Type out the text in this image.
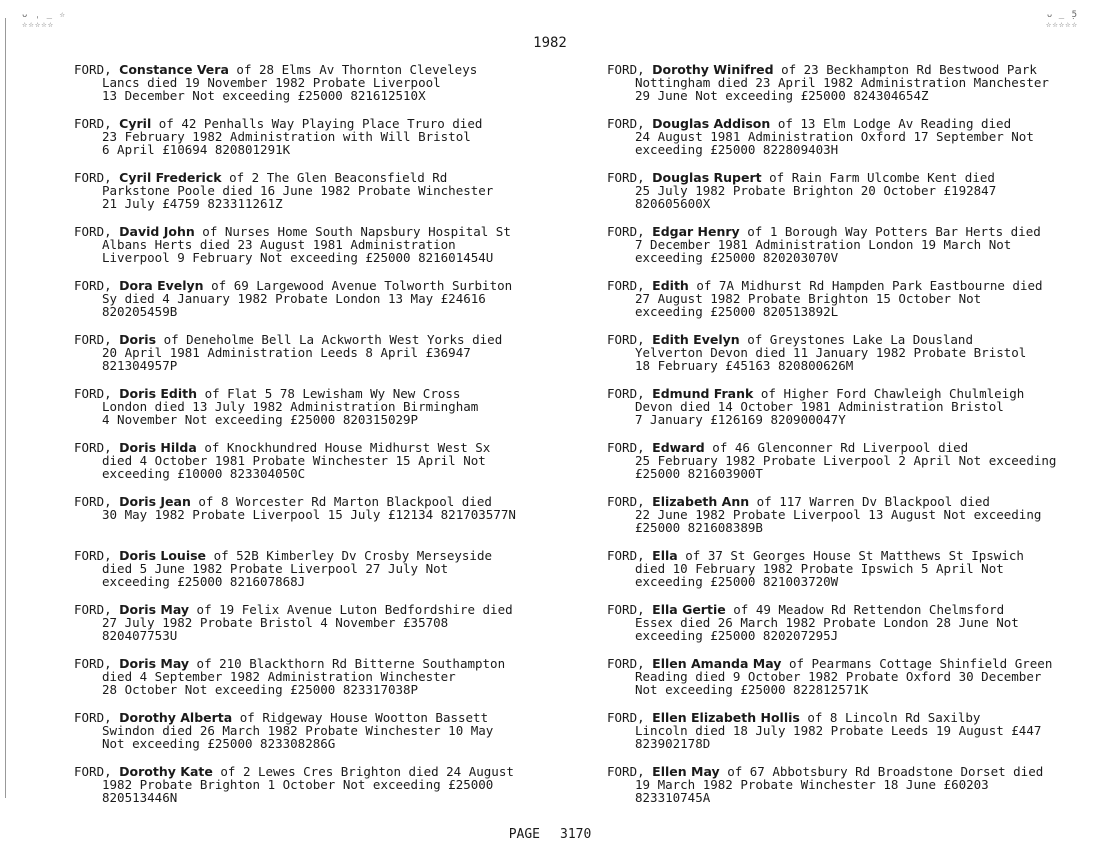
ᴗ ˌ ̲ ☆
☆☆☆☆☆
ᴗ ̲ ̣5
☆☆☆☆☆
1982
FORD, Constance Vera of 28 Elms Av Thornton Cleveleys
Lancs died 19 November 1982 Probate Liverpool
13 December Not exceeding £25000 821612510X
FORD, Cyril of 42 Penhalls Way Playing Place Truro died
23 February 1982 Administration with Will Bristol
6 April £10694 820801291K
FORD, Cyril Frederick of 2 The Glen Beaconsfield Rd
Parkstone Poole died 16 June 1982 Probate Winchester
21 July £4759 823311261Z
FORD, David John of Nurses Home South Napsbury Hospital St
Albans Herts died 23 August 1981 Administration
Liverpool 9 February Not exceeding £25000 821601454U
FORD, Dora Evelyn of 69 Largewood Avenue Tolworth Surbiton
Sy died 4 January 1982 Probate London 13 May £24616
820205459B
FORD, Doris of Deneholme Bell La Ackworth West Yorks died
20 April 1981 Administration Leeds 8 April £36947
821304957P
FORD, Doris Edith of Flat 5 78 Lewisham Wy New Cross
London died 13 July 1982 Administration Birmingham
4 November Not exceeding £25000 820315029P
FORD, Doris Hilda of Knockhundred House Midhurst West Sx
died 4 October 1981 Probate Winchester 15 April Not
exceeding £10000 823304050C
FORD, Doris Jean of 8 Worcester Rd Marton Blackpool died
30 May 1982 Probate Liverpool 15 July £12134 821703577N
FORD, Doris Louise of 52B Kimberley Dv Crosby Merseyside
died 5 June 1982 Probate Liverpool 27 July Not
exceeding £25000 821607868J
FORD, Doris May of 19 Felix Avenue Luton Bedfordshire died
27 July 1982 Probate Bristol 4 November £35708
820407753U
FORD, Doris May of 210 Blackthorn Rd Bitterne Southampton
died 4 September 1982 Administration Winchester
28 October Not exceeding £25000 823317038P
FORD, Dorothy Alberta of Ridgeway House Wootton Bassett
Swindon died 26 March 1982 Probate Winchester 10 May
Not exceeding £25000 823308286G
FORD, Dorothy Kate of 2 Lewes Cres Brighton died 24 August
1982 Probate Brighton 1 October Not exceeding £25000
820513446N
FORD, Dorothy Winifred of 23 Beckhampton Rd Bestwood Park
Nottingham died 23 April 1982 Administration Manchester
29 June Not exceeding £25000 824304654Z
FORD, Douglas Addison of 13 Elm Lodge Av Reading died
24 August 1981 Administration Oxford 17 September Not
exceeding £25000 822809403H
FORD, Douglas Rupert of Rain Farm Ulcombe Kent died
25 July 1982 Probate Brighton 20 October £192847
820605600X
FORD, Edgar Henry of 1 Borough Way Potters Bar Herts died
7 December 1981 Administration London 19 March Not
exceeding £25000 820203070V
FORD, Edith of 7A Midhurst Rd Hampden Park Eastbourne died
27 August 1982 Probate Brighton 15 October Not
exceeding £25000 820513892L
FORD, Edith Evelyn of Greystones Lake La Dousland
Yelverton Devon died 11 January 1982 Probate Bristol
18 February £45163 820800626M
FORD, Edmund Frank of Higher Ford Chawleigh Chulmleigh
Devon died 14 October 1981 Administration Bristol
7 January £126169 820900047Y
FORD, Edward of 46 Glenconner Rd Liverpool died
25 February 1982 Probate Liverpool 2 April Not exceeding
£25000 821603900T
FORD, Elizabeth Ann of 117 Warren Dv Blackpool died
22 June 1982 Probate Liverpool 13 August Not exceeding
£25000 821608389B
FORD, Ella of 37 St Georges House St Matthews St Ipswich
died 10 February 1982 Probate Ipswich 5 April Not
exceeding £25000 821003720W
FORD, Ella Gertie of 49 Meadow Rd Rettendon Chelmsford
Essex died 26 March 1982 Probate London 28 June Not
exceeding £25000 820207295J
FORD, Ellen Amanda May of Pearmans Cottage Shinfield Green
Reading died 9 October 1982 Probate Oxford 30 December
Not exceeding £25000 822812571K
FORD, Ellen Elizabeth Hollis of 8 Lincoln Rd Saxilby
Lincoln died 18 July 1982 Probate Leeds 19 August £447
823902178D
FORD, Ellen May of 67 Abbotsbury Rd Broadstone Dorset died
19 March 1982 Probate Winchester 18 June £60203
823310745A
PAGE 3170
